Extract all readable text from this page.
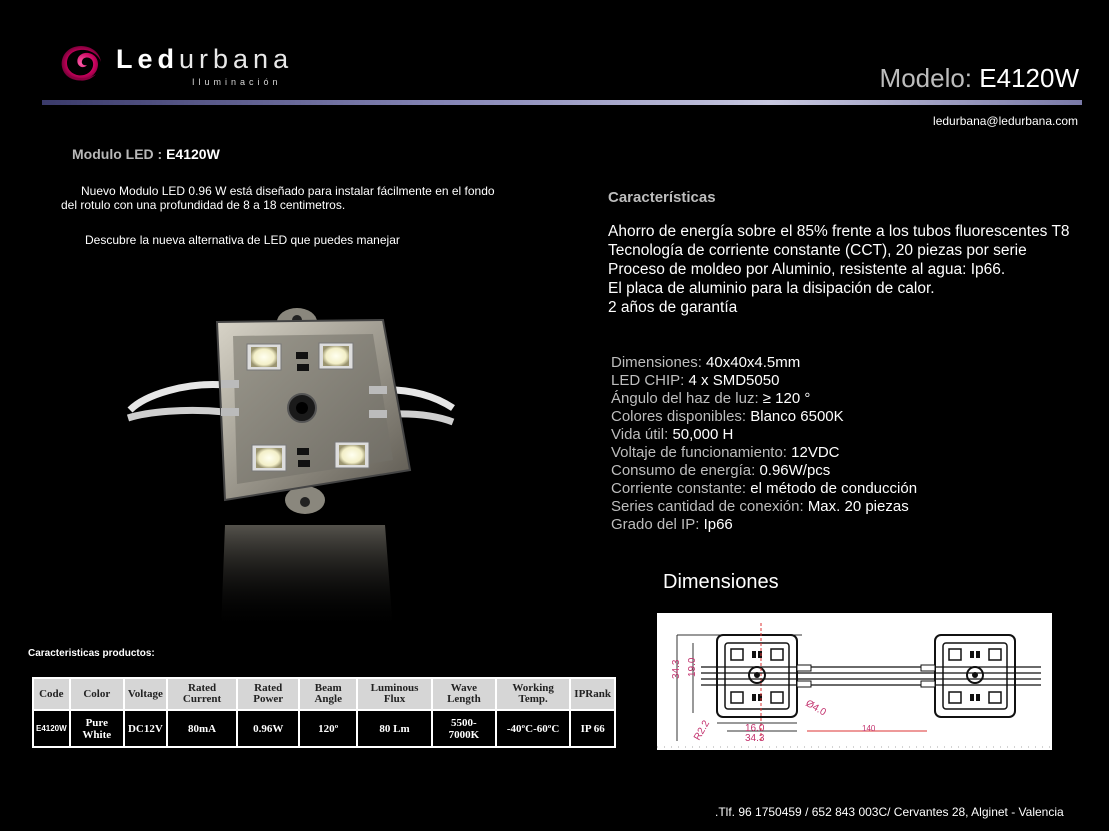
Ledurbana
Iluminación	Modelo: E4120W
ledurbana@ledurbana.com
Modulo LED : E4120W
Nuevo Modulo LED 0.96 W está diseñado para instalar fácilmente en el fondo
del rotulo con una profundidad de 8 a 18 centimetros.
Descubre la nueva alternativa de LED que puedes manejar
Características
Ahorro de energía sobre el 85% frente a los tubos fluorescentes T8
Tecnología de corriente constante (CCT), 20 piezas por serie
Proceso de moldeo por Aluminio, resistente al agua: Ip66.
El placa de aluminio para la disipación de calor.
2 años de garantía
Dimensiones: 40x40x4.5mm
LED CHIP: 4 x SMD5050
Ángulo del haz de luz: ≥ 120 °
Colores disponibles: Blanco 6500K
Vida útil: 50,000 H
Voltaje de funcionamiento: 12VDC
Consumo de energía: 0.96W/pcs
Corriente constante: el método de conducción
Series cantidad de conexión: Max. 20 piezas
Grado del IP: Ip66
Dimensiones
34.3 19.0
16.0
34.3
R2.2
Ø4.0
140
Caracteristicas productos:
Code	Color	Voltage	Rated Current	Rated Power	Beam Angle	Luminous Flux	Wave Length	Working Temp.	IPRank
E4120W	Pure White	DC12V	80mA	0.96W	120º	80 Lm	5500- 7000K	-40ºC-60ºC	IP 66
.Tlf. 96 1750459 / 652 843 003C/ Cervantes 28, Alginet - Valencia
